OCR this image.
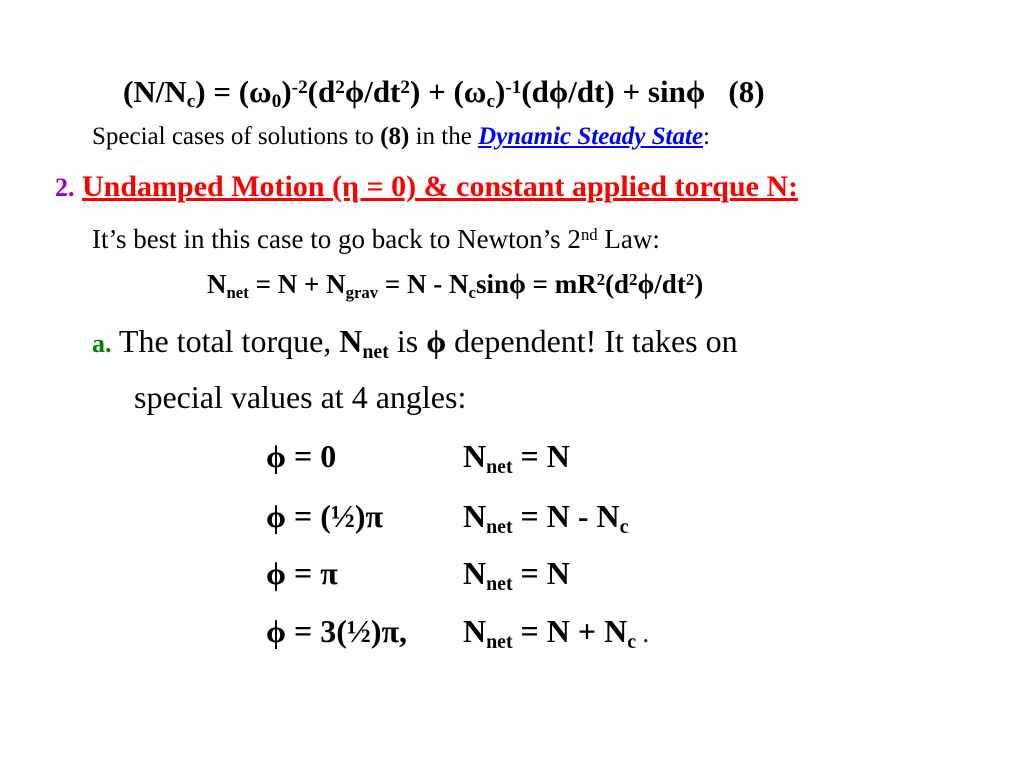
$(N/N_c) = (\omega_0)^{-2}(d^2\phi/dt^2) + (\omega_c)^{-1}(d\phi/dt) + \sin\phi$   (8)
Special cases of solutions to (8) in the Dynamic Steady State:
2. Undamped Motion (η = 0) & constant applied torque N:
It’s best in this case to go back to Newton’s 2nd Law:
$N_{net} = N + N_{grav} = N - N_c\sin\phi = mR^2(d^2\phi/dt^2)$
a. The total torque, $N_{net}$ is ϕ dependent! It takes on
special values at 4 angles:
ϕ = 0	$N_{net} = N$
ϕ = (½)π $N_{net} = N - N_c$
ϕ = π	$N_{net} = N$
ϕ = 3(½)π, $N_{net} = N + N_c$ .
